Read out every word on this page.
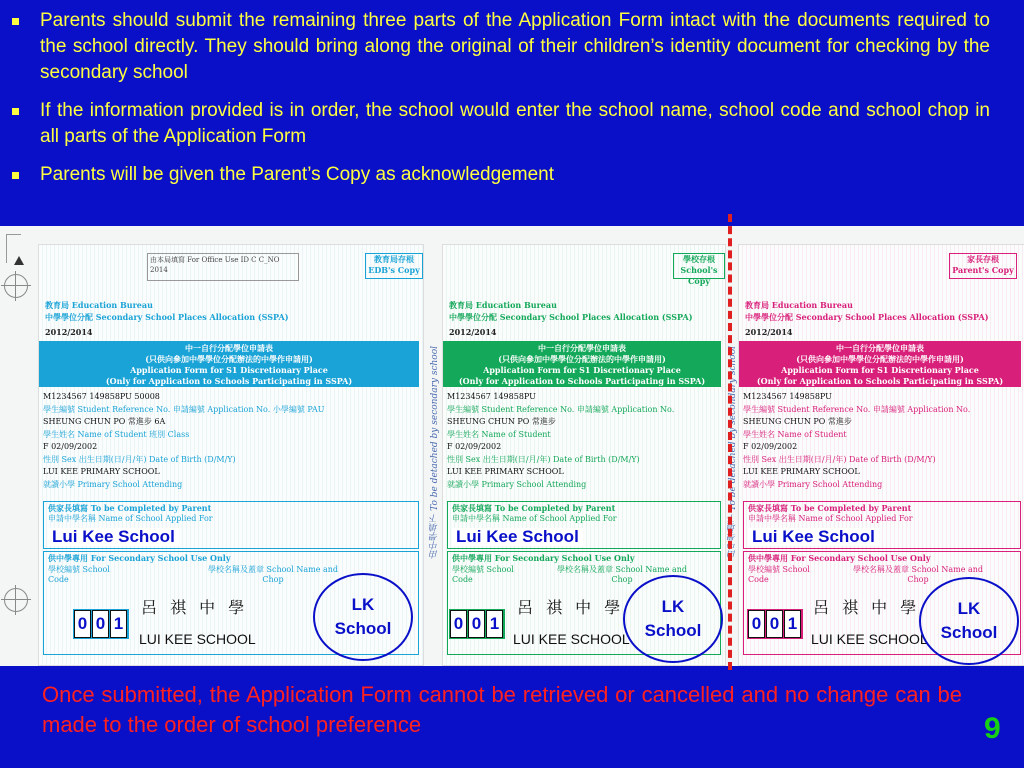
Parents should submit the remaining three parts of the Application Form intact with the documents required to the school directly. They should bring along the original of their children’s identity document for checking by the secondary school
If the information provided is in order, the school would enter the school name, school code and school chop in all parts of the Application Form
Parents will be given the Parent’s Copy as acknowledgement
由本局填寫 For Office Use ID C C_NO 2014
教育局存根 EDB's Copy
教育局 Education Bureau
中學學位分配 Secondary School Places Allocation (SSPA)
2012/2014
中一自行分配學位申請表
(只供向參加中學學位分配辦法的中學作申請用)
Application Form for S1 Discretionary Place
(Only for Application to Schools Participating in SSPA)
M1234567 149858PU 50008
學生編號 Student Reference No. 申請編號 Application No. 小學編號 PAU
SHEUNG CHUN PO 常進步 6A
學生姓名 Name of Student 班別 Class
F 02/09/2002
性別 Sex 出生日期(日/月/年) Date of Birth (D/M/Y)
LUI KEE PRIMARY SCHOOL
就讀小學 Primary School Attending
供家長填寫 To be Completed by Parent
申請中學名稱 Name of School Applied For
Lui Kee School
供中學專用 For Secondary School Use Only
學校編號 School Code
學校名稱及蓋章 School Name and Chop
0 0 1
呂 祺 中 學
LUI KEE SCHOOL
LK
School
由中學填下 To be detached by secondary school
學校存根 School's Copy
教育局 Education Bureau
中學學位分配 Secondary School Places Allocation (SSPA)
2012/2014
中一自行分配學位申請表
(只供向參加中學學位分配辦法的中學作申請用)
Application Form for S1 Discretionary Place
(Only for Application to Schools Participating in SSPA)
M1234567 149858PU
學生編號 Student Reference No. 申請編號 Application No.
SHEUNG CHUN PO 常進步
學生姓名 Name of Student
F 02/09/2002
性別 Sex 出生日期(日/月/年) Date of Birth (D/M/Y)
LUI KEE PRIMARY SCHOOL
就讀小學 Primary School Attending
供家長填寫 To be Completed by Parent
申請中學名稱 Name of School Applied For
Lui Kee School
供中學專用 For Secondary School Use Only
學校編號 School Code
學校名稱及蓋章 School Name and Chop
0 0 1
呂 祺 中 學
LUI KEE SCHOOL
LK
School
由中學填下 To be detached by secondary school
家長存根 Parent's Copy
教育局 Education Bureau
中學學位分配 Secondary School Places Allocation (SSPA)
2012/2014
中一自行分配學位申請表
(只供向參加中學學位分配辦法的中學作申請用)
Application Form for S1 Discretionary Place
(Only for Application to Schools Participating in SSPA)
M1234567 149858PU
學生編號 Student Reference No. 申請編號 Application No.
SHEUNG CHUN PO 常進步
學生姓名 Name of Student
F 02/09/2002
性別 Sex 出生日期(日/月/年) Date of Birth (D/M/Y)
LUI KEE PRIMARY SCHOOL
就讀小學 Primary School Attending
供家長填寫 To be Completed by Parent
申請中學名稱 Name of School Applied For
Lui Kee School
供中學專用 For Secondary School Use Only
學校編號 School Code
學校名稱及蓋章 School Name and Chop
0 0 1
呂 祺 中 學
LUI KEE SCHOOL
LK
School
Once submitted, the Application Form cannot be retrieved or cancelled and no change can be made to the order of school preference	9
